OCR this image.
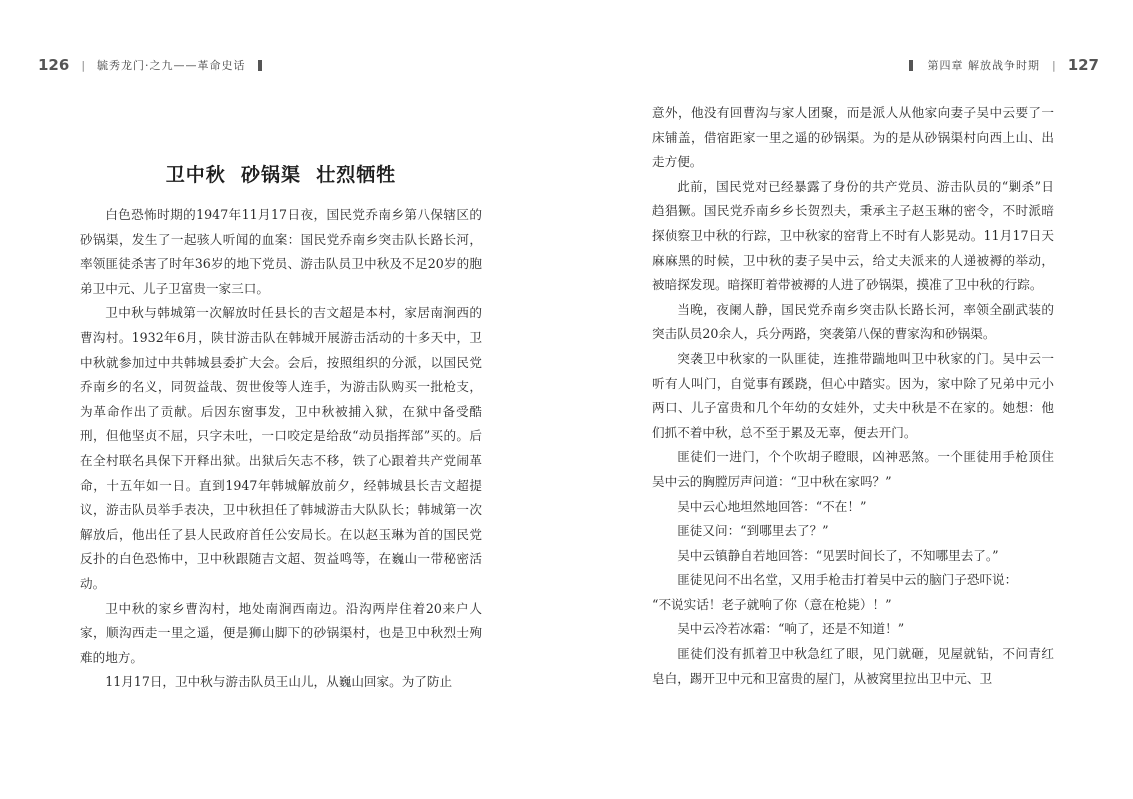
126 | 毓秀龙门·之九——革命史话
卫中秋  砂锅渠  壮烈牺牲

白色恐怖时期的1947年11月17日夜，国民党乔南乡第八保辖区的砂锅渠，发生了一起骇人听闻的血案：国民党乔南乡突击队长路长河，率领匪徒杀害了时年36岁的地下党员、游击队员卫中秋及不足20岁的胞弟卫中元、儿子卫富贵一家三口。

卫中秋与韩城第一次解放时任县长的吉文超是本村，家居南涧西的曹沟村。1932年6月，陕甘游击队在韩城开展游击活动的十多天中，卫中秋就参加过中共韩城县委扩大会。会后，按照组织的分派，以国民党乔南乡的名义，同贺益哉、贺世俊等人连手，为游击队购买一批枪支，为革命作出了贡献。后因东窗事发，卫中秋被捕入狱，在狱中备受酷刑，但他坚贞不屈，只字未吐，一口咬定是给敌“动员指挥部”买的。后在全村联名具保下开释出狱。出狱后矢志不移，铁了心跟着共产党闹革命，十五年如一日。直到1947年韩城解放前夕，经韩城县长吉文超提议，游击队员举手表决，卫中秋担任了韩城游击大队队长；韩城第一次解放后，他出任了县人民政府首任公安局长。在以赵玉琳为首的国民党反扑的白色恐怖中，卫中秋跟随吉文超、贺益鸣等，在巍山一带秘密活动。

卫中秋的家乡曹沟村，地处南涧西南边。沿沟两岸住着20来户人家，顺沟西走一里之遥，便是狮山脚下的砂锅渠村，也是卫中秋烈士殉难的地方。

11月17日，卫中秋与游击队员王山儿，从巍山回家。为了防止

第四章 解放战争时期 | 127

意外，他没有回曹沟与家人团聚，而是派人从他家向妻子吴中云要了一床铺盖，借宿距家一里之遥的砂锅渠。为的是从砂锅渠村向西上山、出走方便。

此前，国民党对已经暴露了身份的共产党员、游击队员的“剿杀”日趋猖獗。国民党乔南乡乡长贺烈夫，秉承主子赵玉琳的密令，不时派暗探侦察卫中秋的行踪，卫中秋家的窑背上不时有人影晃动。11月17日天麻麻黑的时候，卫中秋的妻子吴中云，给丈夫派来的人递被褥的举动，被暗探发现。暗探盯着带被褥的人进了砂锅渠，摸准了卫中秋的行踪。

当晚，夜阑人静，国民党乔南乡突击队长路长河，率领全副武装的突击队员20余人，兵分两路，突袭第八保的曹家沟和砂锅渠。

突袭卫中秋家的一队匪徒，连推带踹地叫卫中秋家的门。吴中云一听有人叫门，自觉事有蹊跷，但心中踏实。因为，家中除了兄弟中元小两口、儿子富贵和几个年幼的女娃外，丈夫中秋是不在家的。她想：他们抓不着中秋，总不至于累及无辜，便去开门。

匪徒们一进门，个个吹胡子瞪眼，凶神恶煞。一个匪徒用手枪顶住吴中云的胸膛厉声问道：“卫中秋在家吗？”

吴中云心地坦然地回答：“不在！”

匪徒又问：“到哪里去了？”

吴中云镇静自若地回答：“见罢时间长了，不知哪里去了。”

匪徒见问不出名堂，又用手枪击打着吴中云的脑门子恐吓说：

“不说实话！老子就响了你（意在枪毙）！”

吴中云冷若冰霜：“响了，还是不知道！”

匪徒们没有抓着卫中秋急红了眼，见门就砸，见屋就钻，不问青红皂白，踢开卫中元和卫富贵的屋门，从被窝里拉出卫中元、卫
